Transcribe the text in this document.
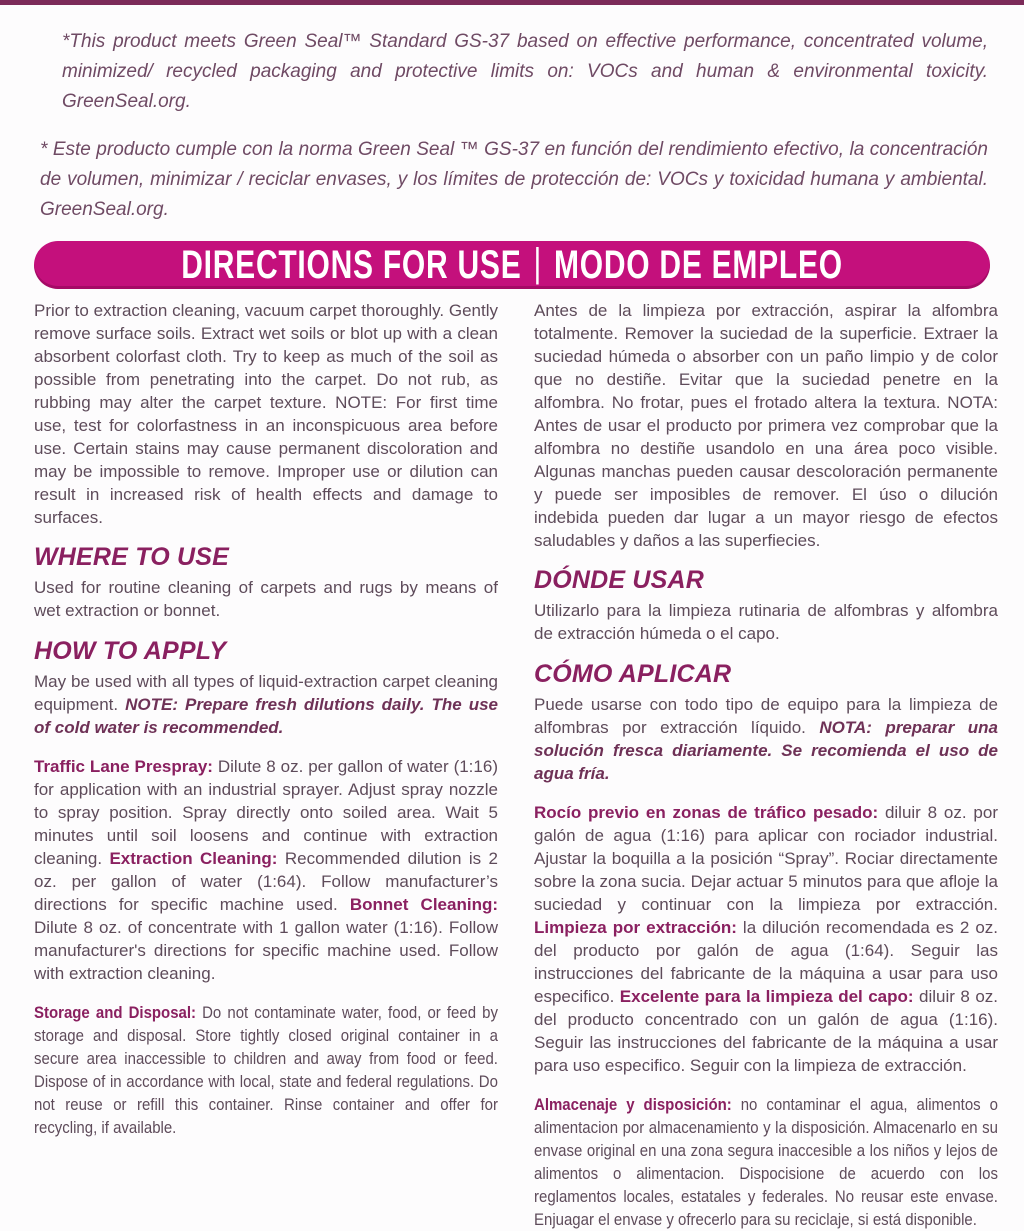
*This product meets Green Seal™ Standard GS-37 based on effective performance, concentrated volume, minimized/ recycled packaging and protective limits on: VOCs and human & environmental toxicity. GreenSeal.org.

* Este producto cumple con la norma Green Seal ™ GS-37 en función del rendimiento efectivo, la concentración de volumen, minimizar / reciclar envases, y los límites de protección de: VOCs y toxicidad humana y ambiental. GreenSeal.org.

DIRECTIONS FOR USE | MODO DE EMPLEO

Prior to extraction cleaning, vacuum carpet thoroughly. Gently remove surface soils. Extract wet soils or blot up with a clean absorbent colorfast cloth. Try to keep as much of the soil as possible from penetrating into the carpet. Do not rub, as rubbing may alter the carpet texture. NOTE: For first time use, test for colorfastness in an inconspicuous area before use. Certain stains may cause permanent discoloration and may be impossible to remove. Improper use or dilution can result in increased risk of health effects and damage to surfaces.

WHERE TO USE

Used for routine cleaning of carpets and rugs by means of wet extraction or bonnet.

HOW TO APPLY

May be used with all types of liquid-extraction carpet cleaning equipment. NOTE: Prepare fresh dilutions daily. The use of cold water is recommended.

Traffic Lane Prespray: Dilute 8 oz. per gallon of water (1:16) for application with an industrial sprayer. Adjust spray nozzle to spray position. Spray directly onto soiled area. Wait 5 minutes until soil loosens and continue with extraction cleaning. Extraction Cleaning: Recommended dilution is 2 oz. per gallon of water (1:64). Follow manufacturer’s directions for specific machine used. Bonnet Cleaning: Dilute 8 oz. of concentrate with 1 gallon water (1:16). Follow manufacturer's directions for specific machine used. Follow with extraction cleaning.

Storage and Disposal: Do not contaminate water, food, or feed by storage and disposal. Store tightly closed original container in a secure area inaccessible to children and away from food or feed. Dispose of in accordance with local, state and federal regulations. Do not reuse or refill this container. Rinse container and offer for recycling, if available.

Antes de la limpieza por extracción, aspirar la alfombra totalmente. Remover la suciedad de la superficie. Extraer la suciedad húmeda o absorber con un paño limpio y de color que no destiñe. Evitar que la suciedad penetre en la alfombra. No frotar, pues el frotado altera la textura. NOTA: Antes de usar el producto por primera vez comprobar que la alfombra no destiñe usandolo en una área poco visible. Algunas manchas pueden causar descoloración permanente y puede ser imposibles de remover. El úso o dilución indebida pueden dar lugar a un mayor riesgo de efectos saludables y daños a las superfiecies.

DÓNDE USAR

Utilizarlo para la limpieza rutinaria de alfombras y alfombra de extracción húmeda o el capo.

CÓMO APLICAR

Puede usarse con todo tipo de equipo para la limpieza de alfombras por extracción líquido. NOTA: preparar una solución fresca diariamente. Se recomienda el uso de agua fría.

Rocío previo en zonas de tráfico pesado: diluir 8 oz. por galón de agua (1:16) para aplicar con rociador industrial. Ajustar la boquilla a la posición “Spray”. Rociar directamente sobre la zona sucia. Dejar actuar 5 minutos para que afloje la suciedad y continuar con la limpieza por extracción. Limpieza por extracción: la dilución recomendada es 2 oz. del producto por galón de agua (1:64). Seguir las instrucciones del fabricante de la máquina a usar para uso especifico. Excelente para la limpieza del capo: diluir 8 oz. del producto concentrado con un galón de agua (1:16). Seguir las instrucciones del fabricante de la máquina a usar para uso especifico. Seguir con la limpieza de extracción.

Almacenaje y disposición: no contaminar el agua, alimentos o alimentacion por almacenamiento y la disposición. Almacenarlo en su envase original en una zona segura inaccesible a los niños y lejos de alimentos o alimentacion. Dispocisione de acuerdo con los reglamentos locales, estatales y federales. No reusar este envase. Enjuagar el envase y ofrecerlo para su reciclaje, si está disponible.
